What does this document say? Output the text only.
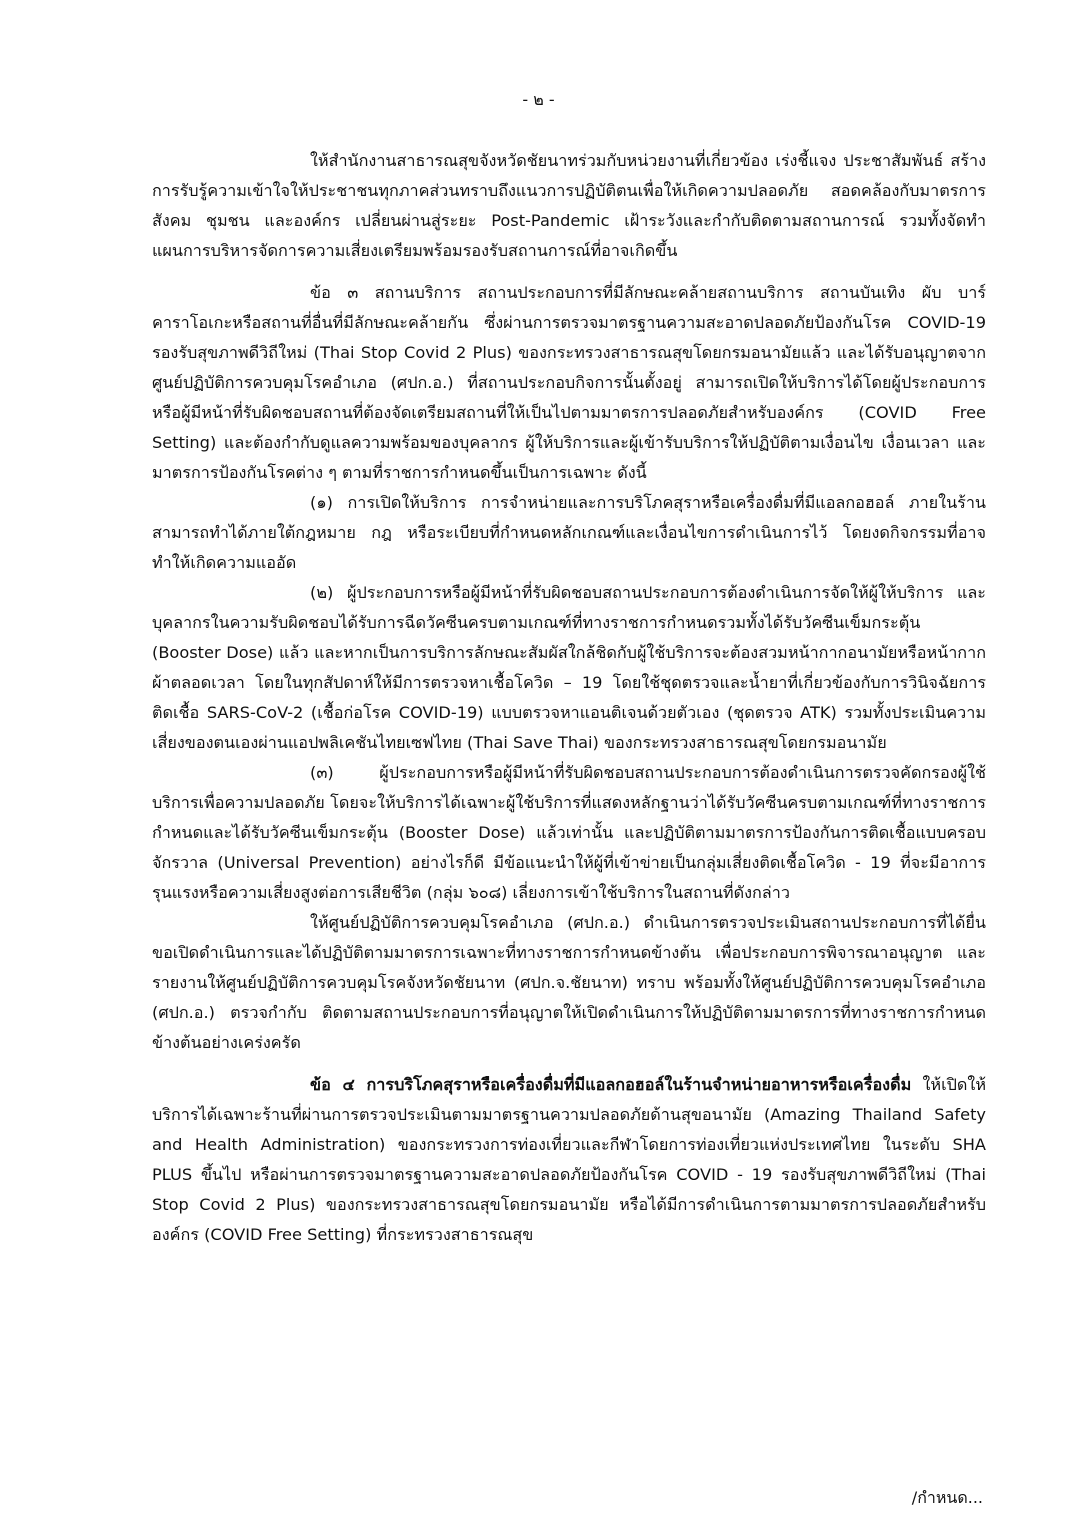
- ๒ -

ให้สำนักงานสาธารณสุขจังหวัดชัยนาทร่วมกับหน่วยงานที่เกี่ยวข้อง เร่งชี้แจง ประชาสัมพันธ์ สร้างการรับรู้ความเข้าใจให้ประชาชนทุกภาคส่วนทราบถึงแนวการปฏิบัติตนเพื่อให้เกิดความปลอดภัย สอดคล้องกับมาตรการสังคม ชุมชน และองค์กร เปลี่ยนผ่านสู่ระยะ Post-Pandemic เฝ้าระวังและกำกับติดตามสถานการณ์ รวมทั้งจัดทำแผนการบริหารจัดการความเสี่ยงเตรียมพร้อมรองรับสถานการณ์ที่อาจเกิดขึ้น

ข้อ ๓ สถานบริการ สถานประกอบการที่มีลักษณะคล้ายสถานบริการ สถานบันเทิง ผับ บาร์ คาราโอเกะหรือสถานที่อื่นที่มีลักษณะคล้ายกัน ซึ่งผ่านการตรวจมาตรฐานความสะอาดปลอดภัยป้องกันโรค COVID-19 รองรับสุขภาพดีวิถีใหม่ (Thai Stop Covid 2 Plus) ของกระทรวงสาธารณสุขโดยกรมอนามัยแล้ว และได้รับอนุญาตจากศูนย์ปฏิบัติการควบคุมโรคอำเภอ (ศปก.อ.) ที่สถานประกอบกิจการนั้นตั้งอยู่ สามารถเปิดให้บริการได้โดยผู้ประกอบการหรือผู้มีหน้าที่รับผิดชอบสถานที่ต้องจัดเตรียมสถานที่ให้เป็นไปตามมาตรการปลอดภัยสำหรับองค์กร (COVID Free Setting) และต้องกำกับดูแลความพร้อมของบุคลากร ผู้ให้บริการและผู้เข้ารับบริการให้ปฏิบัติตามเงื่อนไข เงื่อนเวลา และมาตรการป้องกันโรคต่าง ๆ ตามที่ราชการกำหนดขึ้นเป็นการเฉพาะ ดังนี้

(๑) การเปิดให้บริการ การจำหน่ายและการบริโภคสุราหรือเครื่องดื่มที่มีแอลกอฮอล์ ภายในร้านสามารถทำได้ภายใต้กฎหมาย กฎ หรือระเบียบที่กำหนดหลักเกณฑ์และเงื่อนไขการดำเนินการไว้ โดยงดกิจกรรมที่อาจทำให้เกิดความแออัด

(๒) ผู้ประกอบการหรือผู้มีหน้าที่รับผิดชอบสถานประกอบการต้องดำเนินการจัดให้ผู้ให้บริการ และบุคลากรในความรับผิดชอบได้รับการฉีดวัคซีนครบตามเกณฑ์ที่ทางราชการกำหนดรวมทั้งได้รับวัคซีนเข็มกระตุ้น (Booster Dose) แล้ว และหากเป็นการบริการลักษณะสัมผัสใกล้ชิดกับผู้ใช้บริการจะต้องสวมหน้ากากอนามัยหรือหน้ากากผ้าตลอดเวลา โดยในทุกสัปดาห์ให้มีการตรวจหาเชื้อโควิด – 19 โดยใช้ชุดตรวจและน้ำยาที่เกี่ยวข้องกับการวินิจฉัยการติดเชื้อ SARS-CoV-2 (เชื้อก่อโรค COVID-19) แบบตรวจหาแอนติเจนด้วยตัวเอง (ชุดตรวจ ATK) รวมทั้งประเมินความเสี่ยงของตนเองผ่านแอปพลิเคชันไทยเซฟไทย (Thai Save Thai) ของกระทรวงสาธารณสุขโดยกรมอนามัย

(๓) ผู้ประกอบการหรือผู้มีหน้าที่รับผิดชอบสถานประกอบการต้องดำเนินการตรวจคัดกรองผู้ใช้บริการเพื่อความปลอดภัย โดยจะให้บริการได้เฉพาะผู้ใช้บริการที่แสดงหลักฐานว่าได้รับวัคซีนครบตามเกณฑ์ที่ทางราชการกำหนดและได้รับวัคซีนเข็มกระตุ้น (Booster Dose) แล้วเท่านั้น และปฏิบัติตามมาตรการป้องกันการติดเชื้อแบบครอบจักรวาล (Universal Prevention) อย่างไรก็ดี มีข้อแนะนำให้ผู้ที่เข้าข่ายเป็นกลุ่มเสี่ยงติดเชื้อโควิด - 19 ที่จะมีอาการรุนแรงหรือความเสี่ยงสูงต่อการเสียชีวิต (กลุ่ม ๖๐๘) เลี่ยงการเข้าใช้บริการในสถานที่ดังกล่าว

ให้ศูนย์ปฏิบัติการควบคุมโรคอำเภอ (ศปก.อ.) ดำเนินการตรวจประเมินสถานประกอบการที่ได้ยื่นขอเปิดดำเนินการและได้ปฏิบัติตามมาตรการเฉพาะที่ทางราชการกำหนดข้างต้น เพื่อประกอบการพิจารณาอนุญาต และรายงานให้ศูนย์ปฏิบัติการควบคุมโรคจังหวัดชัยนาท (ศปก.จ.ชัยนาท) ทราบ พร้อมทั้งให้ศูนย์ปฏิบัติการควบคุมโรคอำเภอ (ศปก.อ.) ตรวจกำกับ ติดตามสถานประกอบการที่อนุญาตให้เปิดดำเนินการให้ปฏิบัติตามมาตรการที่ทางราชการกำหนดข้างต้นอย่างเคร่งครัด

ข้อ ๔ การบริโภคสุราหรือเครื่องดื่มที่มีแอลกอฮอล์ในร้านจำหน่ายอาหารหรือเครื่องดื่ม ให้เปิดให้บริการได้เฉพาะร้านที่ผ่านการตรวจประเมินตามมาตรฐานความปลอดภัยด้านสุขอนามัย (Amazing Thailand Safety and Health Administration) ของกระทรวงการท่องเที่ยวและกีฬาโดยการท่องเที่ยวแห่งประเทศไทย ในระดับ SHA PLUS ขึ้นไป หรือผ่านการตรวจมาตรฐานความสะอาดปลอดภัยป้องกันโรค COVID - 19 รองรับสุขภาพดีวิถีใหม่ (Thai Stop Covid 2 Plus) ของกระทรวงสาธารณสุขโดยกรมอนามัย หรือได้มีการดำเนินการตามมาตรการปลอดภัยสำหรับองค์กร (COVID Free Setting) ที่กระทรวงสาธารณสุข

/กำหนด...
